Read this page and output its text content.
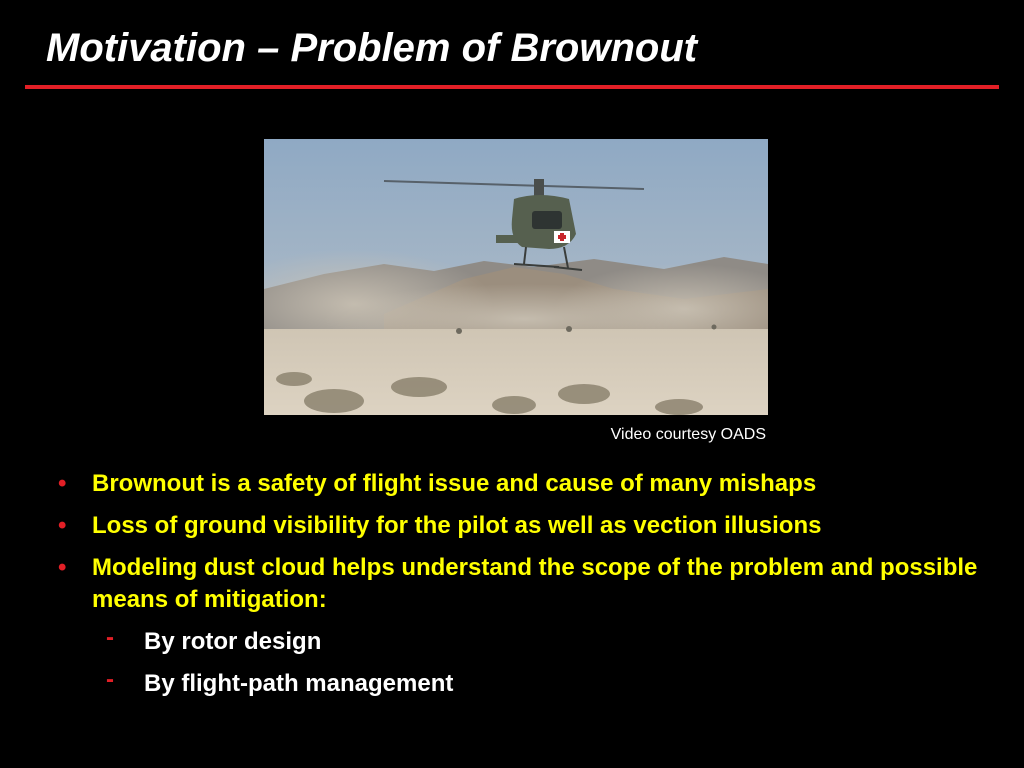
Motivation – Problem of Brownout
Video courtesy OADS
• Brownout is a safety of flight issue and cause of many mishaps
• Loss of ground visibility for the pilot as well as vection illusions
• Modeling dust cloud helps understand the scope of the problem and possible means of mitigation:
- By rotor design
- By flight-path management
